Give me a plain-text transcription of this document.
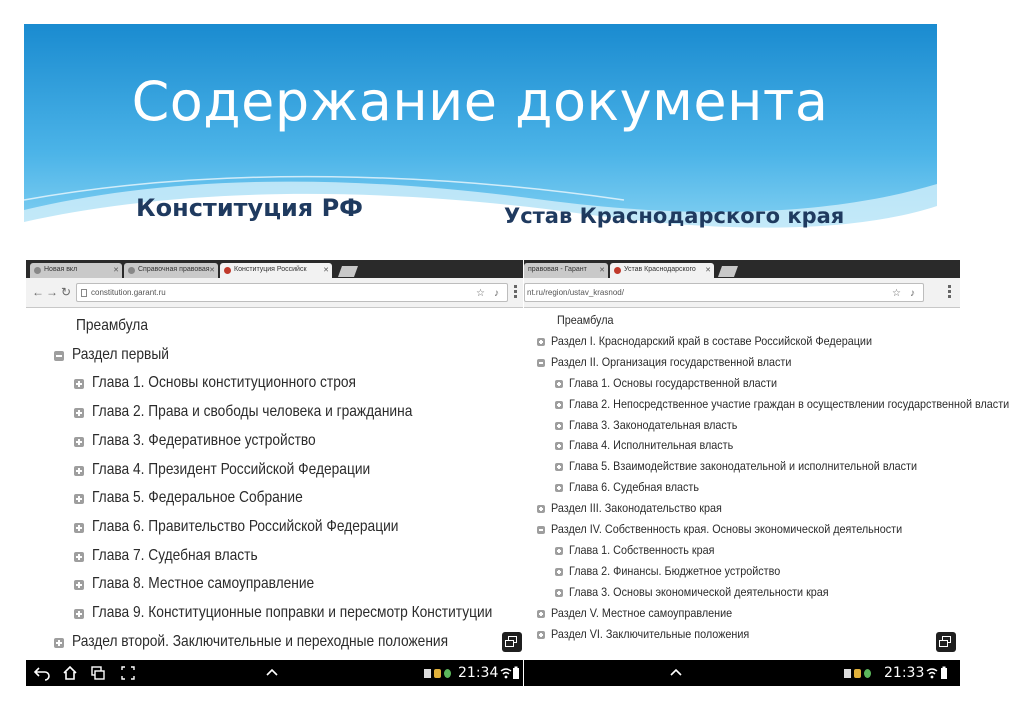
Содержание документа
Конституция РФ	Устав Краснодарского края
Новая вкл	✕	Справочная правовая ✕	Конституция Российск ✕
← → ↻	constitution.garant.ru	☆ ♪
Преамбула
Раздел первый
Глава 1. Основы конституционного строя
Глава 2. Права и свободы человека и гражданина
Глава 3. Федеративное устройство
Глава 4. Президент Российской Федерации
Глава 5. Федеральное Собрание
Глава 6. Правительство Российской Федерации
Глава 7. Судебная власть
Глава 8. Местное самоуправление
Глава 9. Конституционные поправки и пересмотр Конституции
Раздел второй. Заключительные и переходные положения
21:34
правовая - Гарант ✕	Устав Краснодарского ✕
nt.ru/region/ustav_krasnod/	☆ ♪
Преамбула
Раздел I. Краснодарский край в составе Российской Федерации
Раздел II. Организация государственной власти
Глава 1. Основы государственной власти
Глава 2. Непосредственное участие граждан в осуществлении государственной власти
Глава 3. Законодательная власть
Глава 4. Исполнительная власть
Глава 5. Взаимодействие законодательной и исполнительной власти
Глава 6. Судебная власть
Раздел III. Законодательство края
Раздел IV. Собственность края. Основы экономической деятельности
Глава 1. Собственность края
Глава 2. Финансы. Бюджетное устройство
Глава 3. Основы экономической деятельности края
Раздел V. Местное самоуправление
Раздел VI. Заключительные положения
21:33
